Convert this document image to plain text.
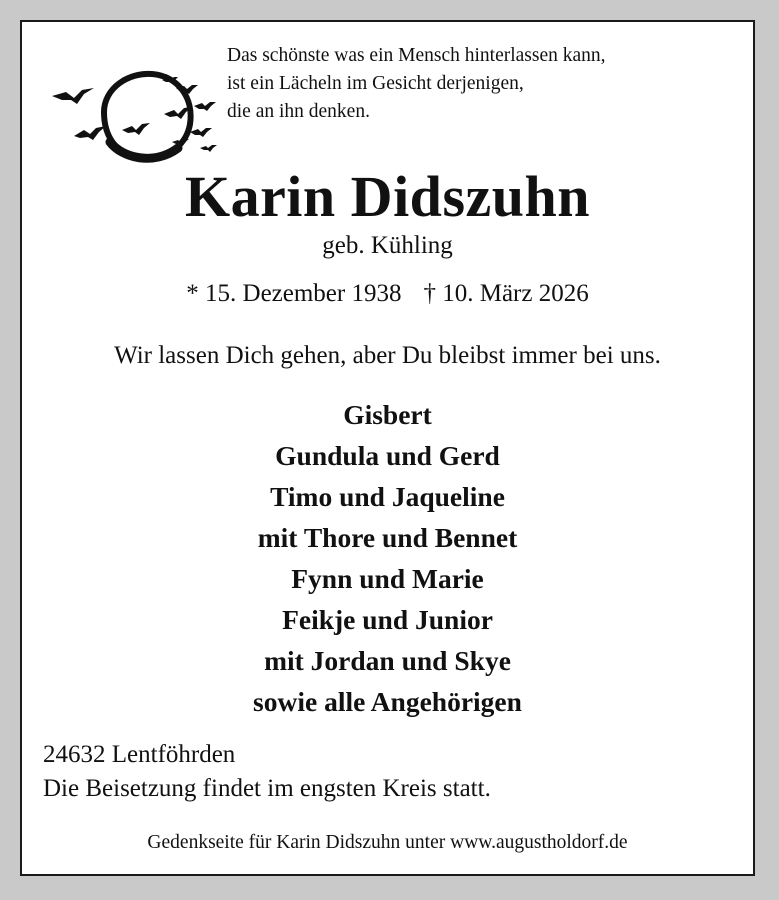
Das schönste was ein Mensch hinterlassen kann,
ist ein Lächeln im Gesicht derjenigen,
die an ihn denken.
Karin Didszuhn
geb. Kühling
* 15. Dezember 1938 † 10. März 2026
Wir lassen Dich gehen, aber Du bleibst immer bei uns.
Gisbert
Gundula und Gerd
Timo und Jaqueline
mit Thore und Bennet
Fynn und Marie
Feikje und Junior
mit Jordan und Skye
sowie alle Angehörigen
24632 Lentföhrden
Die Beisetzung findet im engsten Kreis statt.
Gedenkseite für Karin Didszuhn unter www.augustholdorf.de
